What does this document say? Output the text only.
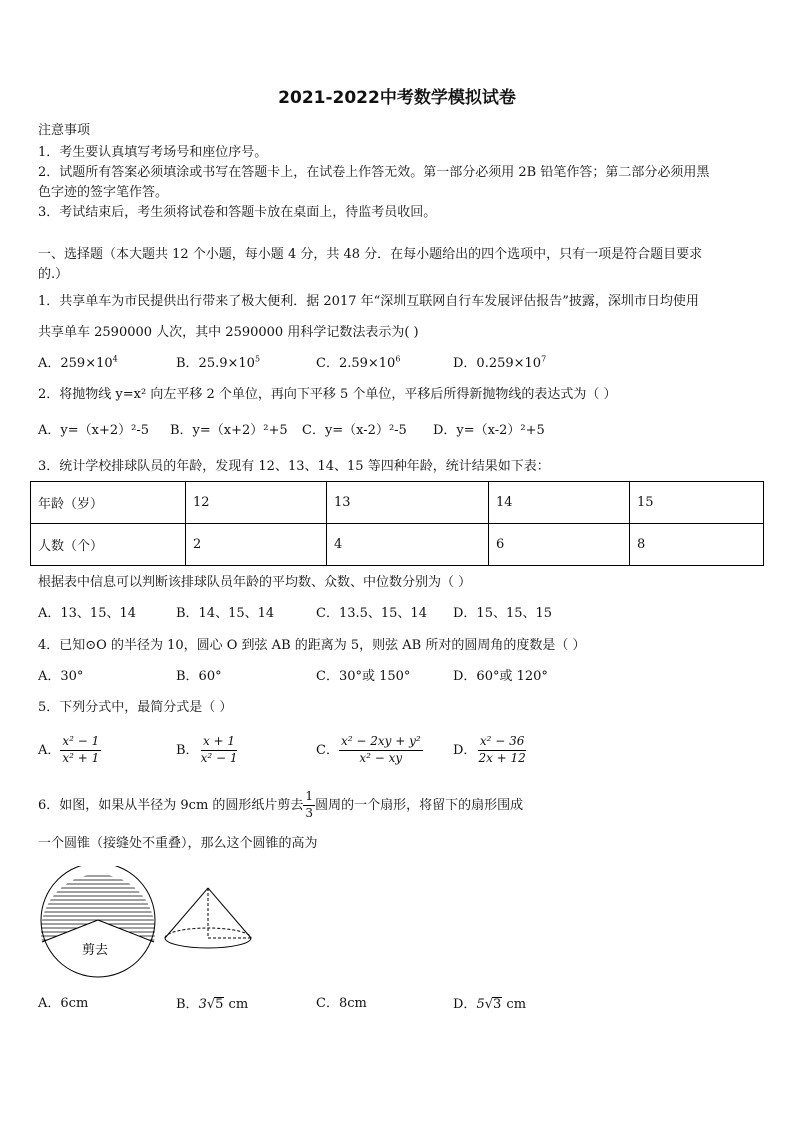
2021-2022中考数学模拟试卷
注意事项
1．考生要认真填写考场号和座位序号。
2．试题所有答案必须填涂或书写在答题卡上，在试卷上作答无效。第一部分必须用 2B 铅笔作答；第二部分必须用黑
色字迹的签字笔作答。
3．考试结束后，考生须将试卷和答题卡放在桌面上，待监考员收回。
一、选择题（本大题共 12 个小题，每小题 4 分，共 48 分．在每小题给出的四个选项中，只有一项是符合题目要求
的.）
1．共享单车为市民提供出行带来了极大便利．据 2017 年“深圳互联网自行车发展评估报告”披露，深圳市日均使用
共享单车 2590000 人次，其中 2590000 用科学记数法表示为( )
A．$259\times 10^4$	B．$25.9\times 10^5$	C．$2.59\times 10^6$	D．$0.259\times 10^7$
2．将抛物线 y=x² 向左平移 2 个单位，再向下平移 5 个单位，平移后所得新抛物线的表达式为（ ）
A．y=（x+2）²-5 B．y=（x+2）²+5 C．y=（x-2）²-5 D．y=（x-2）²+5
3．统计学校排球队员的年龄，发现有 12、13、14、15 等四种年龄，统计结果如下表：
年龄（岁）	12	13	14	15
人数（个）	2	4	6	8
根据表中信息可以判断该排球队员年龄的平均数、众数、中位数分别为（ ）
A．13、15、14	B．14、15、14	C．13.5、15、14 D．15、15、15
4．已知⊙O 的半径为 10，圆心 O 到弦 AB 的距离为 5，则弦 AB 所对的圆周角的度数是（ ）
A．30°	B．60°	C．30°或 150°	D．60°或 120°
5．下列分式中，最简分式是（ ）
A． $\frac{\text{x² − 1}}{\text{x² + 1}}$	B． $\frac{x + 1}{\text{x² − 1}}$	C． $\frac{\text{x² − 2xy + y²}}{\text{x² − xy}}$ D． $\frac{\text{x² − 36}}{2x + 12}$
6．如图，如果从半径为 9cm 的圆形纸片剪去 $\frac{1}{3}$ 圆周的一个扇形，将留下的扇形围成
一个圆锥（接缝处不重叠），那么这个圆锥的高为
剪去
A．6cm	B．3√5 cm	C．8cm	D．5√3 cm
